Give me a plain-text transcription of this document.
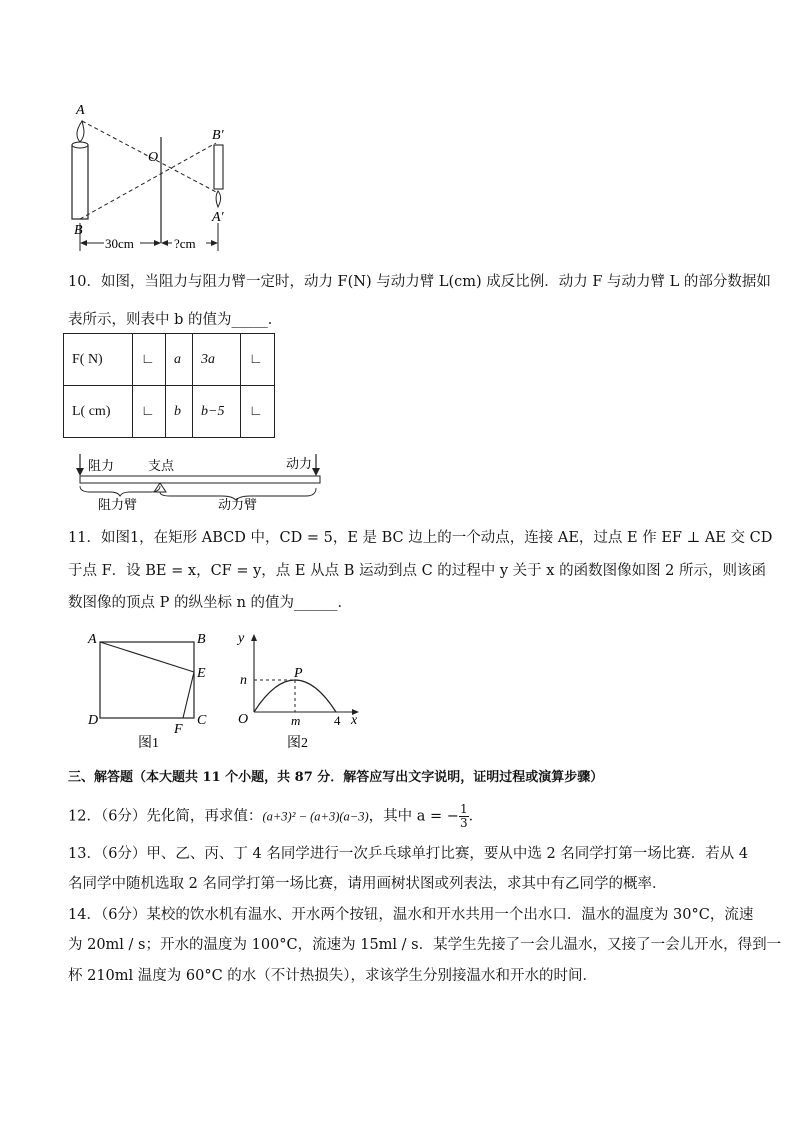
A
B
O
B′
A′
30cm	?cm
10．如图，当阻力与阻力臂一定时，动力 F(N) 与动力臂 L(cm) 成反比例．动力 F 与动力臂 L 的部分数据如
表所示，则表中 b 的值为_____．
F( N)	∟	a	3a	∟
L( cm)	∟	b	b−5	∟
阻力	支点	动力
阻力臂	动力臂
11．如图1，在矩形 ABCD 中，CD = 5，E 是 BC 边上的一个动点，连接 AE，过点 E 作 EF ⊥ AE 交 CD
于点 F．设 BE = x，CF = y，点 E 从点 B 运动到点 C 的过程中 y 关于 x 的函数图像如图 2 所示，则该函
数图像的顶点 P 的纵坐标 n 的值为______．
A	B
E
D	C
F
图1
y
P
n
O	m	4 x
图2
三、解答题（本大题共 11 个小题，共 87 分．解答应写出文字说明，证明过程或演算步骤）
12．（6分）先化简，再求值：(a+3)² − (a+3)(a−3)，其中 a = − $\frac{1}{3}$ ．
13．（6分）甲、乙、丙、丁 4 名同学进行一次乒乓球单打比赛，要从中选 2 名同学打第一场比赛．若从 4
名同学中随机选取 2 名同学打第一场比赛，请用画树状图或列表法，求其中有乙同学的概率．
14．（6分）某校的饮水机有温水、开水两个按钮，温水和开水共用一个出水口．温水的温度为 30°C，流速
为 20ml / s；开水的温度为 100°C，流速为 15ml / s．某学生先接了一会儿温水，又接了一会儿开水，得到一
杯 210ml 温度为 60°C 的水（不计热损失），求该学生分别接温水和开水的时间．
